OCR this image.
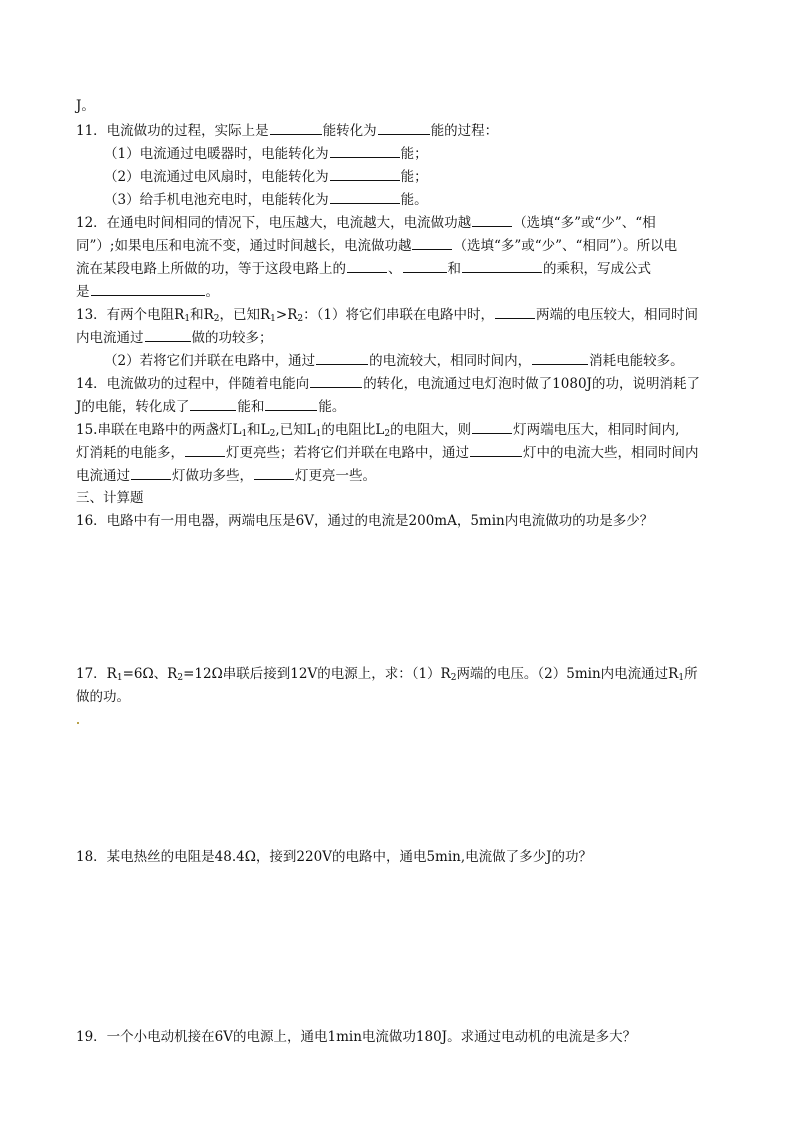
J。
11．电流做功的过程，实际上是	能转化为	能的过程：
（1）电流通过电暖器时，电能转化为	能；
（2）电流通过电风扇时，电能转化为	能；
（3）给手机电池充电时，电能转化为	能。
12．在通电时间相同的情况下，电压越大，电流越大，电流做功越	（选填“多”或“少”、“相
同”）;如果电压和电流不变，通过时间越长，电流做功越	（选填“多”或“少”、“相同”）。所以电
流在某段电路上所做的功，等于这段电路上的	、	和	的乘积，写成公式
是	。
13．有两个电阻$R_1$和$R_2$，已知$R_1>R_2$：（1）将它们串联在电路中时，	两端的电压较大，相同时间
内电流通过	做的功较多；
（2）若将它们并联在电路中，通过	的电流较大，相同时间内，	消耗电能较多。
14．电流做功的过程中，伴随着电能向	的转化，电流通过电灯泡时做了1080J的功，说明消耗了
J的电能，转化成了	能和	能。
15.串联在电路中的两盏灯$L_1$和$L_2$,已知$L_1$的电阻比$L_2$的电阻大，则	灯两端电压大，相同时间内,
灯消耗的电能多，	灯更亮些；若将它们并联在电路中，通过	灯中的电流大些，相同时间内
电流通过	灯做功多些，	灯更亮一些。
三、计算题
16．电路中有一用电器，两端电压是6V，通过的电流是200mA，5min内电流做功的功是多少？
17．$R_1=6\Omega$、$R_2=12\Omega$串联后接到12V的电源上，求：$(1)R_2$两端的电压。（2）5min内电流通过$R_1$所
做的功。
18．某电热丝的电阻是48.4Ω，接到220V的电路中，通电5min,电流做了多少J的功？
19．一个小电动机接在6V的电源上，通电1min电流做功180J。求通过电动机的电流是多大？
